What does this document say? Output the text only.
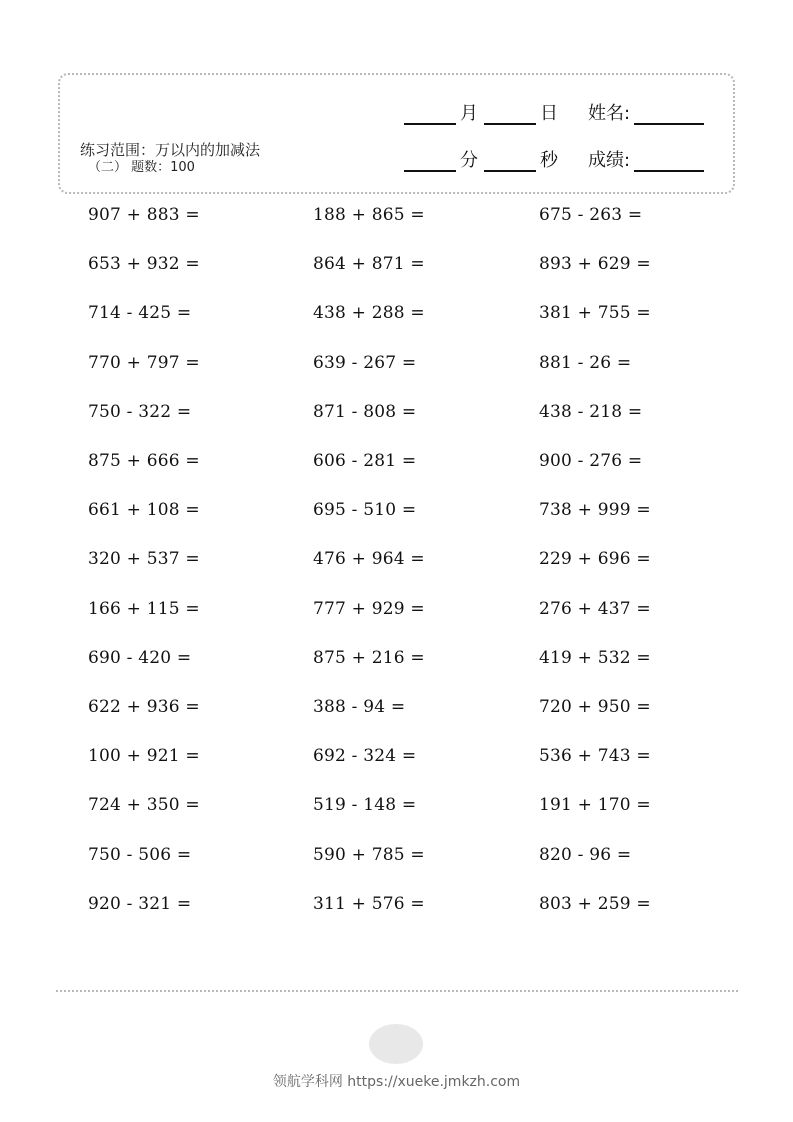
月	日 姓名:
分	秒 成绩:
练习范围：万以内的加减法
（二） 题数：100
907 + 883 =	188 + 865 =	675 - 263 =
653 + 932 =	864 + 871 =	893 + 629 =
714 - 425 =	438 + 288 =	381 + 755 =
770 + 797 =	639 - 267 =	881 - 26 =
750 - 322 =	871 - 808 =	438 - 218 =
875 + 666 =	606 - 281 =	900 - 276 =
661 + 108 =	695 - 510 =	738 + 999 =
320 + 537 =	476 + 964 =	229 + 696 =
166 + 115 =	777 + 929 =	276 + 437 =
690 - 420 =	875 + 216 =	419 + 532 =
622 + 936 =	388 - 94 =	720 + 950 =
100 + 921 =	692 - 324 =	536 + 743 =
724 + 350 =	519 - 148 =	191 + 170 =
750 - 506 =	590 + 785 =	820 - 96 =
920 - 321 =	311 + 576 =	803 + 259 =
领航学科网 https://xueke.jmkzh.com
